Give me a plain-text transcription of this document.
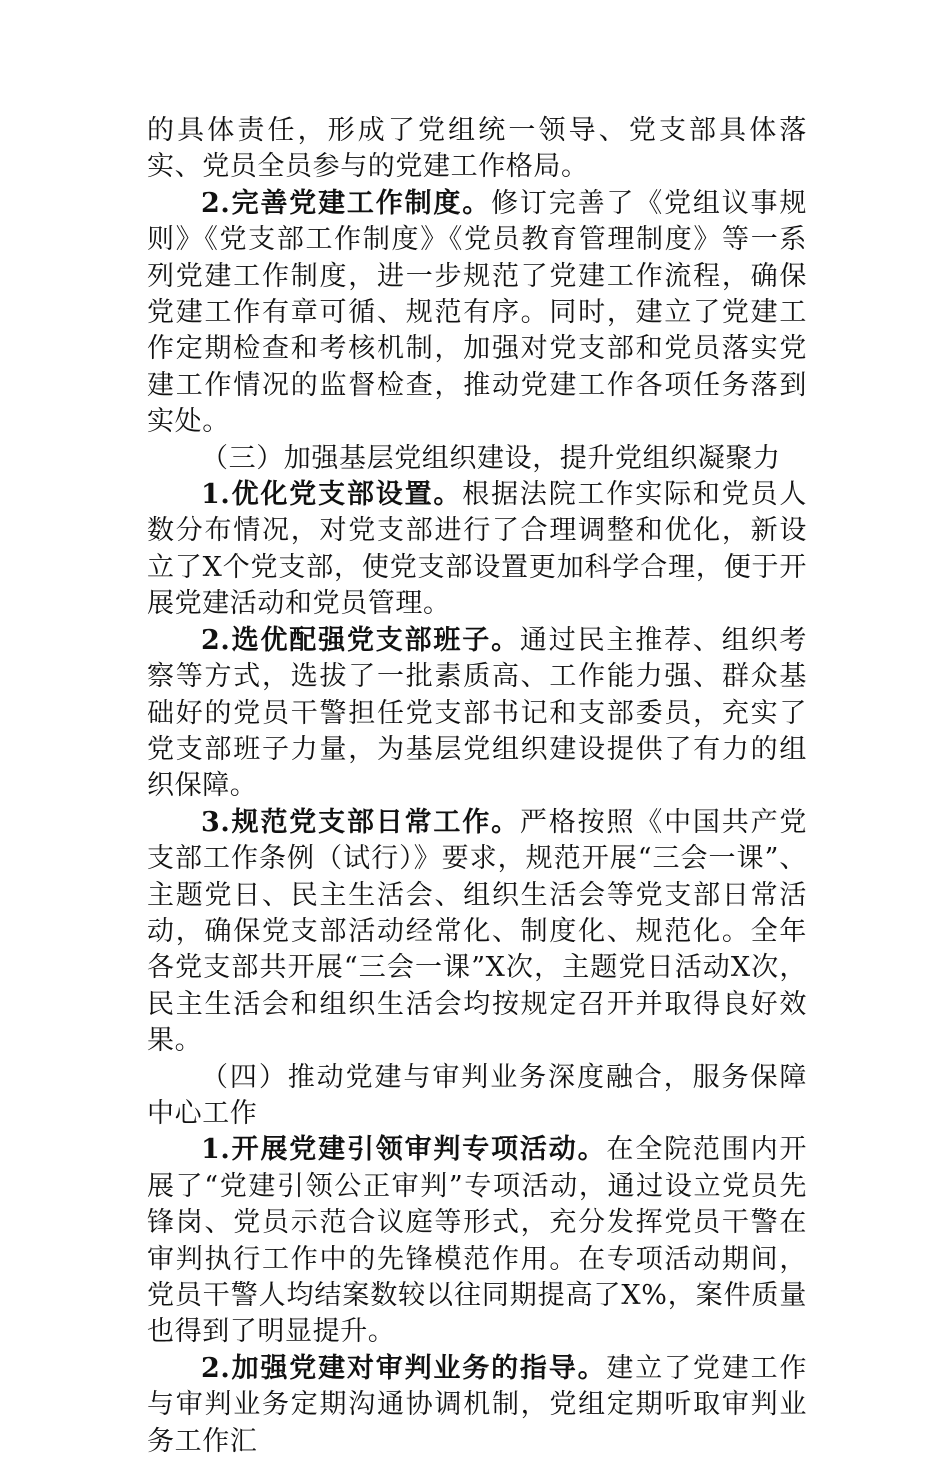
的具体责任，形成了党组统一领导、党支部具体落实、党员全员参与的党建工作格局。

2.完善党建工作制度。修订完善了《党组议事规则》《党支部工作制度》《党员教育管理制度》等一系列党建工作制度，进一步规范了党建工作流程，确保党建工作有章可循、规范有序。同时，建立了党建工作定期检查和考核机制，加强对党支部和党员落实党建工作情况的监督检查，推动党建工作各项任务落到实处。

（三）加强基层党组织建设，提升党组织凝聚力

1.优化党支部设置。根据法院工作实际和党员人数分布情况，对党支部进行了合理调整和优化，新设立了X个党支部，使党支部设置更加科学合理，便于开展党建活动和党员管理。

2.选优配强党支部班子。通过民主推荐、组织考察等方式，选拔了一批素质高、工作能力强、群众基础好的党员干警担任党支部书记和支部委员，充实了党支部班子力量，为基层党组织建设提供了有力的组织保障。

3.规范党支部日常工作。严格按照《中国共产党支部工作条例（试行）》要求，规范开展“三会一课”、主题党日、民主生活会、组织生活会等党支部日常活动，确保党支部活动经常化、制度化、规范化。全年各党支部共开展“三会一课”X次，主题党日活动X次，民主生活会和组织生活会均按规定召开并取得良好效果。

（四）推动党建与审判业务深度融合，服务保障中心工作

1.开展党建引领审判专项活动。在全院范围内开展了“党建引领公正审判”专项活动，通过设立党员先锋岗、党员示范合议庭等形式，充分发挥党员干警在审判执行工作中的先锋模范作用。在专项活动期间，党员干警人均结案数较以往同期提高了X%，案件质量也得到了明显提升。

2.加强党建对审判业务的指导。建立了党建工作与审判业务定期沟通协调机制，党组定期听取审判业务工作汇
